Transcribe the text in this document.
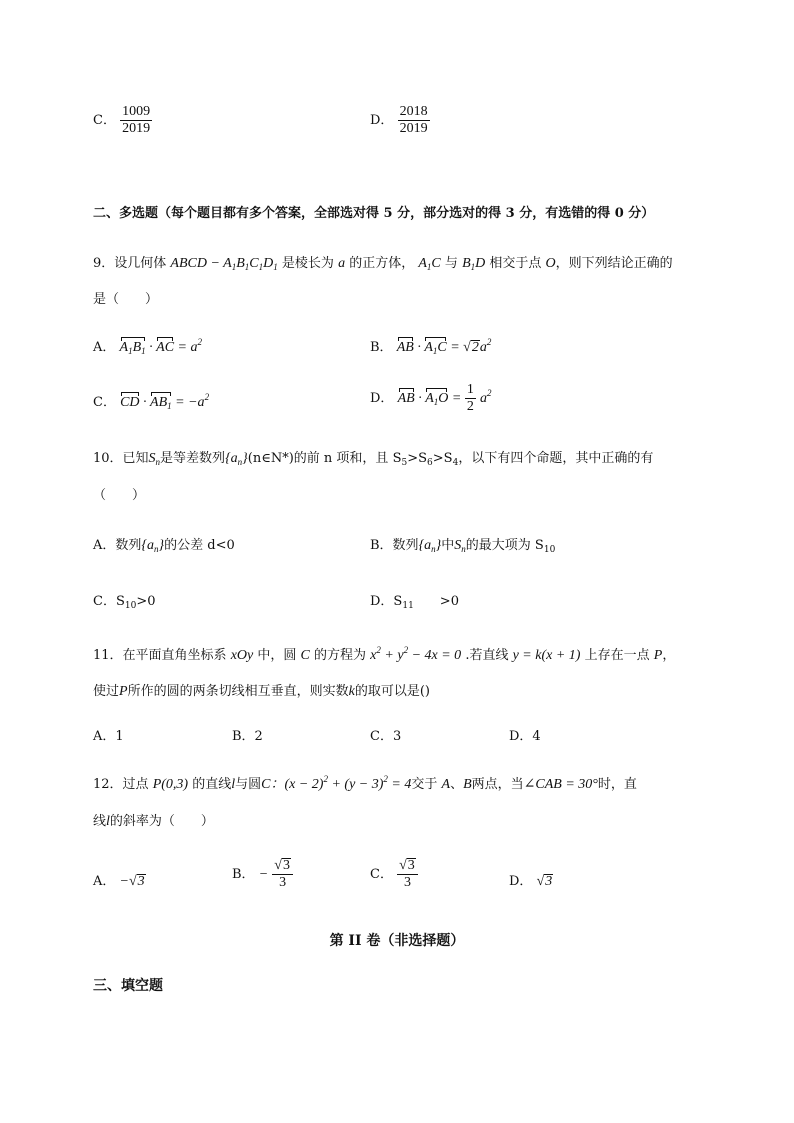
C． $\frac{1009}{2019}$	D． $\frac{2018}{2019}$
二、多选题（每个题目都有多个答案，全部选对得 5 分，部分选对的得 3 分，有选错的得 0 分）
9．设几何体 ABCD − $A_1B_1C_1D_1$ 是棱长为 a 的正方体， $A_1C$ 与 $B_1D$ 相交于点 O，则下列结论正确的
是（　　）
A． $A_1B_1$ · AC = $a^2$	B． AB · $A_1C = √2a^2$
C． CD · $AB_1 = -a^2$	D． AB · $A_1O = \frac{1}{2} a^2$
10．已知$S_n$是等差数列$\{a_n\}(n\in N*)$的前 n 项和，且 $S_5>S_6>S_4$，以下有四个命题，其中正确的有
（　　）
A．数列$\{a_n\}$的公差 d<0	B．数列$\{a_n\}$中$S_n$的最大项为 $S_{10}$
C．$S_{10}>0$	D．$S_{11}$   >0
11．在平面直角坐标系 xOy 中，圆 C 的方程为 $x^2 + y^2 - 4x = 0$ .若直线 y = k(x + 1) 上存在一点 P，
使过P所作的圆的两条切线相互垂直，则实数k的取可以是()
A．1	B．2	C．3	D．4
12．过点 P(0,3) 的直线l与圆C：$(x - 2)^2 + (y - 3)^2 = 4$交于 A、B两点，当∠CAB = 30°时，直
线l的斜率为（　　）
A． −√3	B． − $\frac{√3}{3}$	C． $\frac{√3}{3}$	D． √3
第 II 卷（非选择题）
三、填空题
